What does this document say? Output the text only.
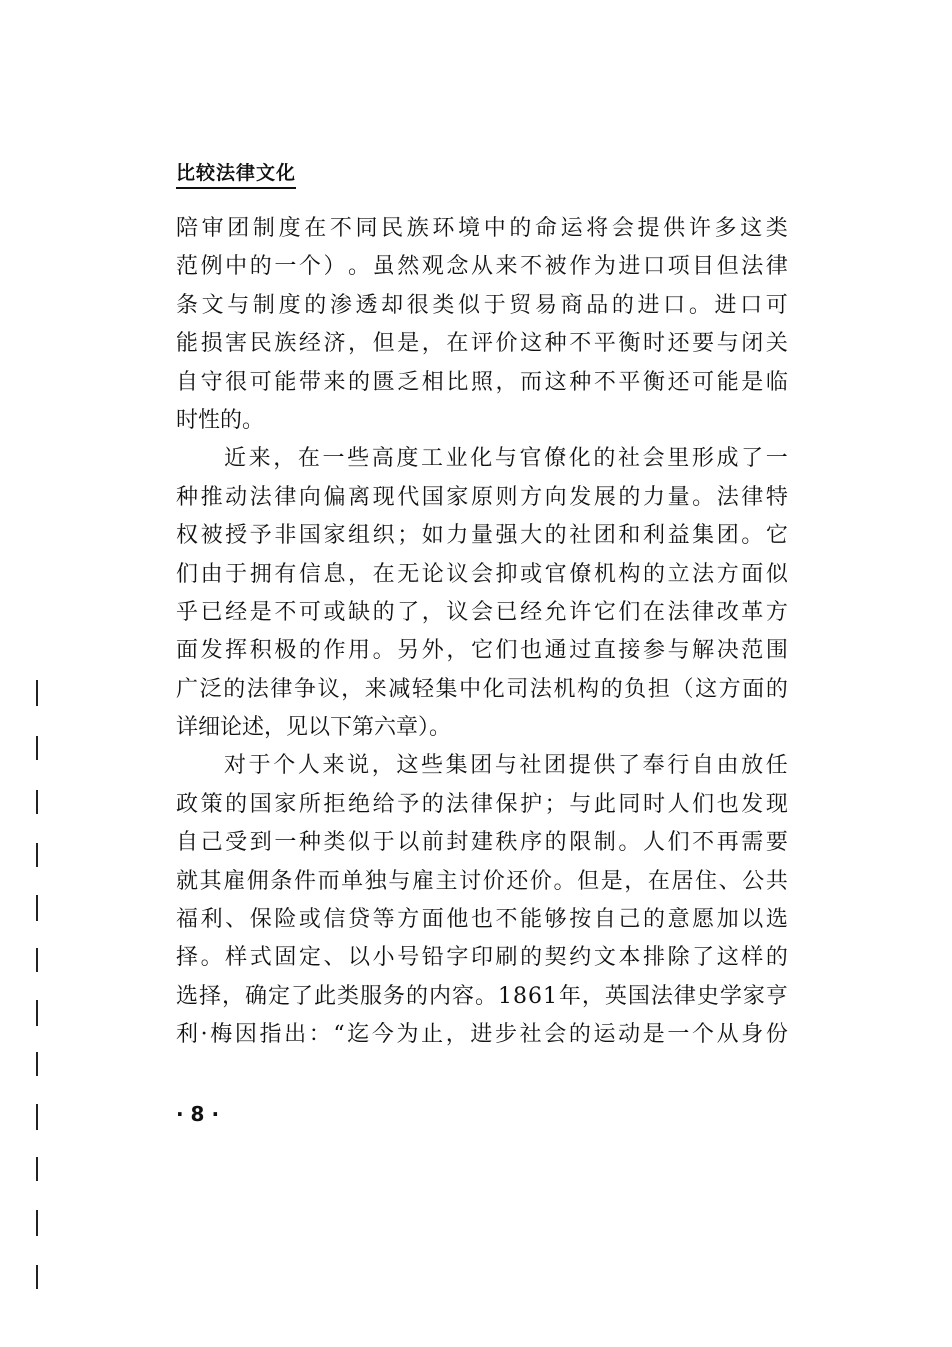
比较法律文化
陪 审 团 制 度 在 不 同 民 族 环 境 中 的 命 运 将 会 提 供 许 多 这 类
范 例 中 的 一 个 ） 。 虽 然 观 念 从 来 不 被 作 为 进 口 项 目 但 法 律
条 文 与 制 度 的 渗 透 却 很 类 似 于 贸 易 商 品 的 进 口 。 进 口 可
能 损 害 民 族 经 济 ， 但 是 ， 在 评 价 这 种 不 平 衡 时 还 要 与 闭 关
自 守 很 可 能 带 来 的 匮 乏 相 比 照 ， 而 这 种 不 平 衡 还 可 能 是 临
时性的。
近 来 ， 在 一 些 高 度 工 业 化 与 官 僚 化 的 社 会 里 形 成 了 一
种 推 动 法 律 向 偏 离 现 代 国 家 原 则 方 向 发 展 的 力 量 。 法 律 特
权 被 授 予 非 国 家 组 织 ； 如 力 量 强 大 的 社 团 和 利 益 集 团 。 它
们 由 于 拥 有 信 息 ， 在 无 论 议 会 抑 或 官 僚 机 构 的 立 法 方 面 似
乎 已 经 是 不 可 或 缺 的 了 ， 议 会 已 经 允 许 它 们 在 法 律 改 革 方
面 发 挥 积 极 的 作 用 。 另 外 ， 它 们 也 通 过 直 接 参 与 解 决 范 围
广 泛 的 法 律 争 议 ， 来 减 轻 集 中 化 司 法 机 构 的 负 担 （ 这 方 面 的
详细论述，见以下第六章）。
对 于 个 人 来 说 ， 这 些 集 团 与 社 团 提 供 了 奉 行 自 由 放 任
政 策 的 国 家 所 拒 绝 给 予 的 法 律 保 护 ； 与 此 同 时 人 们 也 发 现
自 己 受 到 一 种 类 似 于 以 前 封 建 秩 序 的 限 制 。 人 们 不 再 需 要
就 其 雇 佣 条 件 而 单 独 与 雇 主 讨 价 还 价 。 但 是 ， 在 居 住 、 公 共
福 利 、 保 险 或 信 贷 等 方 面 他 也 不 能 够 按 自 己 的 意 愿 加 以 选
择 。 样 式 固 定 、 以 小 号 铅 字 印 刷 的 契 约 文 本 排 除 了 这 样 的
选 择 ， 确 定 了 此 类 服 务 的 内 容 。 1 8 6 1 年 ， 英 国 法 律 史 学 家 亨
利 · 梅 因 指 出 ： “ 迄 今 为 止 ， 进 步 社 会 的 运 动 是 一 个 从 身 份
· 8 ·
